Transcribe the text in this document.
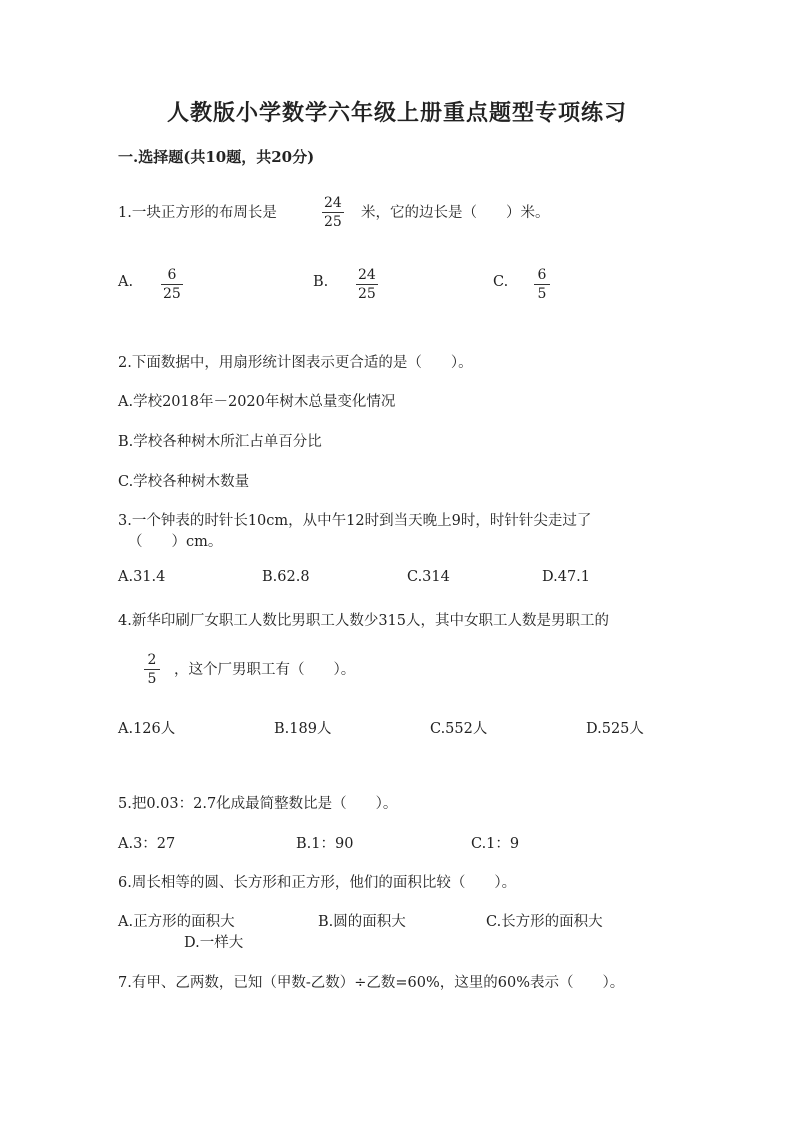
人教版小学数学六年级上册重点题型专项练习
一.选择题(共10题，共20分)
1.一块正方形的布周长是	$\frac{24}{25}$ 米，它的边长是（　　）米。
A. $\frac{6}{25}$	B. $\frac{24}{25}$	C. $\frac{6}{5}$
2.下面数据中，用扇形统计图表示更合适的是（　　）。
A.学校2018年－2020年树木总量变化情况
B.学校各种树木所汇占单百分比
C.学校各种树木数量
3.一个钟表的时针长10cm，从中午12时到当天晚上9时，时针针尖走过了
（　　）cm。
A.31.4	B.62.8	C.314	D.47.1
4.新华印刷厂女职工人数比男职工人数少315人，其中女职工人数是男职工的
$\frac{2}{5}$ ，这个厂男职工有（　　）。
A.126人	B.189人	C.552人	D.525人
5.把0.03：2.7化成最简整数比是（　　）。
A.3：27	B.1：90	C.1：9
6.周长相等的圆、长方形和正方形，他们的面积比较（　　）。
A.正方形的面积大	B.圆的面积大	C.长方形的面积大
D.一样大
7.有甲、乙两数，已知（甲数-乙数）÷乙数=60%，这里的60%表示（　　）。
